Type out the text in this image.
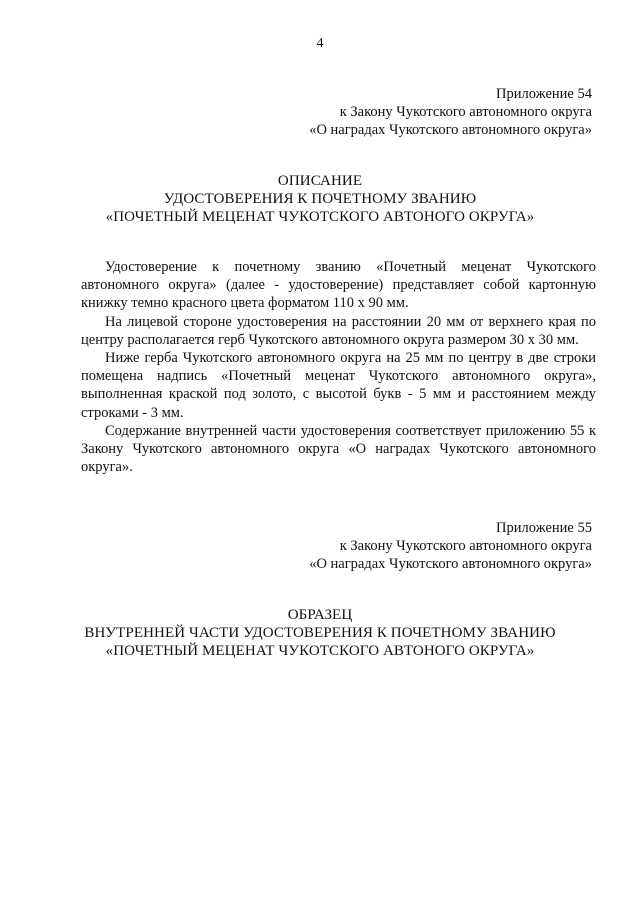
4
Приложение 54
к Закону Чукотского автономного округа
«О наградах Чукотского автономного округа»
ОПИСАНИЕ
УДОСТОВЕРЕНИЯ К ПОЧЕТНОМУ ЗВАНИЮ
«ПОЧЕТНЫЙ МЕЦЕНАТ ЧУКОТСКОГО АВТОНОГО ОКРУГА»

Удостоверение к почетному званию «Почетный меценат Чукотского автономного округа» (далее - удостоверение) представляет собой картонную книжку темно красного цвета форматом 110 х 90 мм.

На лицевой стороне удостоверения на расстоянии 20 мм от верхнего края по центру располагается герб Чукотского автономного округа размером 30 х 30 мм.

Ниже герба Чукотского автономного округа на 25 мм по центру в две строки помещена надпись «Почетный меценат Чукотского автономного округа», выполненная краской под золото, с высотой букв - 5 мм и расстоянием между строками - 3 мм.

Содержание внутренней части удостоверения соответствует приложению 55 к Закону Чукотского автономного округа «О наградах Чукотского автономного округа».

Приложение 55
к Закону Чукотского автономного округа
«О наградах Чукотского автономного округа»
ОБРАЗЕЦ
ВНУТРЕННЕЙ ЧАСТИ УДОСТОВЕРЕНИЯ К ПОЧЕТНОМУ ЗВАНИЮ
«ПОЧЕТНЫЙ МЕЦЕНАТ ЧУКОТСКОГО АВТОНОГО ОКРУГА»
